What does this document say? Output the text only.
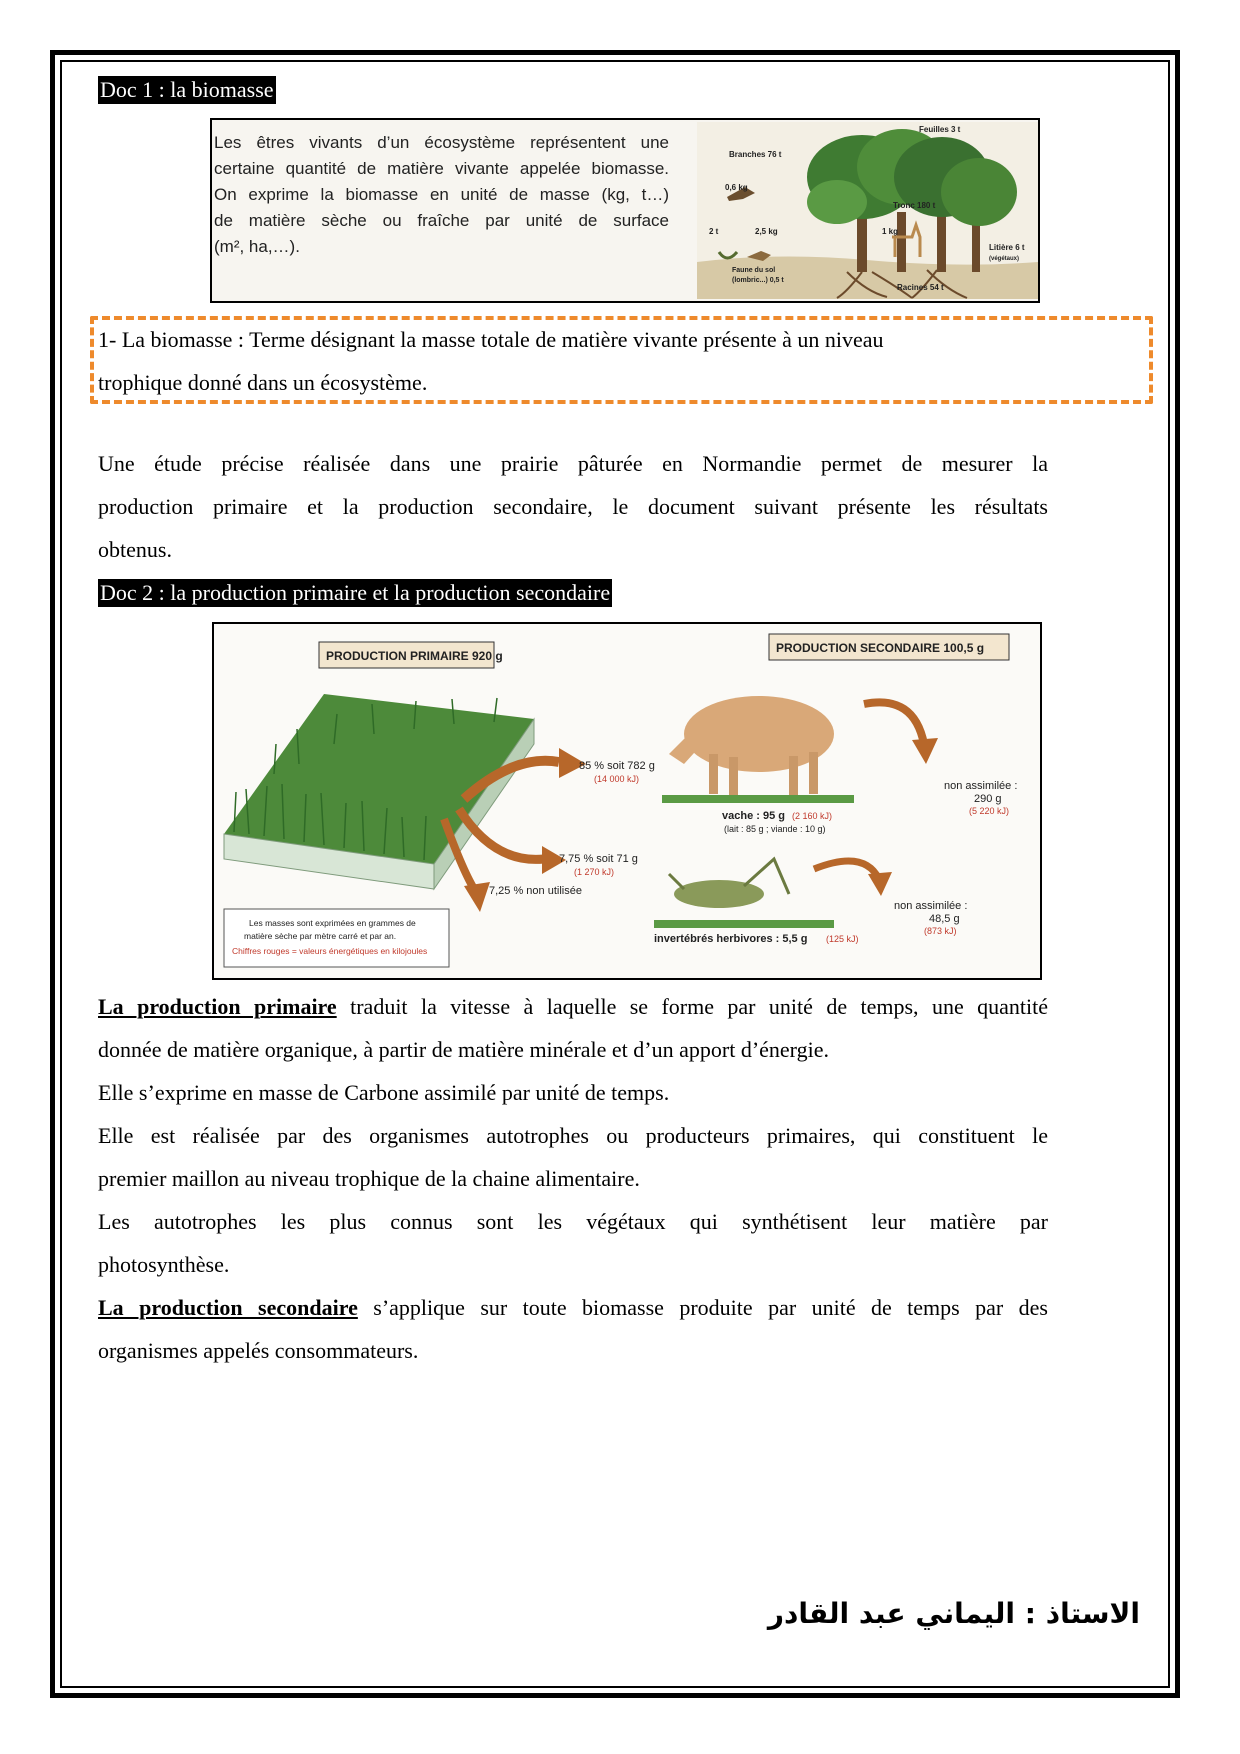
Doc 1 : la biomasse
Les êtres vivants d’un écosystème représentent une
certaine quantité de matière vivante appelée biomasse.
On exprime la biomasse en unité de masse (kg, t…)
de matière sèche ou fraîche par unité de surface
(m², ha,…).
Feuilles 3 t
Branches 76 t
0,6 kg
Tronc 180 t
2 t	2,5 kg	1 kg
Litière 6 t
(végétaux)
Faune du sol
(lombric...) 0,5 t
Racines 54 t
1- La biomasse : Terme désignant la masse totale de matière vivante présente à un niveau
trophique donné dans un écosystème.
Une étude précise réalisée dans une prairie pâturée en Normandie permet de mesurer la
production primaire et la production secondaire, le document suivant présente les résultats
obtenus.
Doc 2 : la production primaire et la production secondaire
PRODUCTION PRIMAIRE 920 g
PRODUCTION SECONDAIRE 100,5 g
85 % soit 782 g
(14 000 kJ)
7,75 % soit 71 g
(1 270 kJ)
7,25 % non utilisée
vache : 95 g (2 160 kJ)
(lait : 85 g ; viande : 10 g)
non assimilée :
290 g
(5 220 kJ)
invertébrés herbivores : 5,5 g (125 kJ)
non assimilée :
48,5 g
(873 kJ)
Les masses sont exprimées en grammes de
matière sèche par mètre carré et par an.
Chiffres rouges = valeurs énergétiques en kilojoules
La production primaire traduit la vitesse à laquelle se forme par unité de temps, une quantité
donnée de matière organique, à partir de matière minérale et d’un apport d’énergie.
Elle s’exprime en masse de Carbone assimilé par unité de temps.
Elle est réalisée par des organismes autotrophes ou producteurs primaires, qui constituent le
premier maillon au niveau trophique de la chaine alimentaire.
Les autotrophes les plus connus sont les végétaux qui synthétisent leur matière par
photosynthèse.
La production secondaire s’applique sur toute biomasse produite par unité de temps par des
organismes appelés consommateurs.
الاستاذ : اليماني عبد القادر
